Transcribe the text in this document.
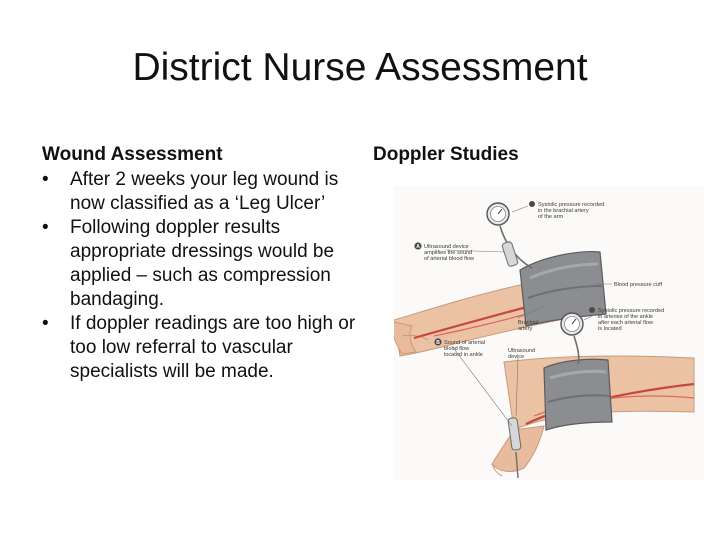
District Nurse Assessment
Wound Assessment
•	After 2 weeks your leg wound is now classified as a ‘Leg Ulcer’
•	Following doppler results appropriate dressings would be applied – such as compression bandaging.
•	If doppler readings are too high or too low referral to vascular specialists will be made.
Doppler Studies
A Ultrasound device
amplifies the sound
of arterial blood flow
Systolic pressure recorded
in the brachial artery
of the arm
Blood pressure cuff
Brachial
artery
B Sound of arterial
blood flow
located in ankle
Ultrasound
device
Systolic pressure recorded
in arteries of the ankle
after each arterial flow
is located
